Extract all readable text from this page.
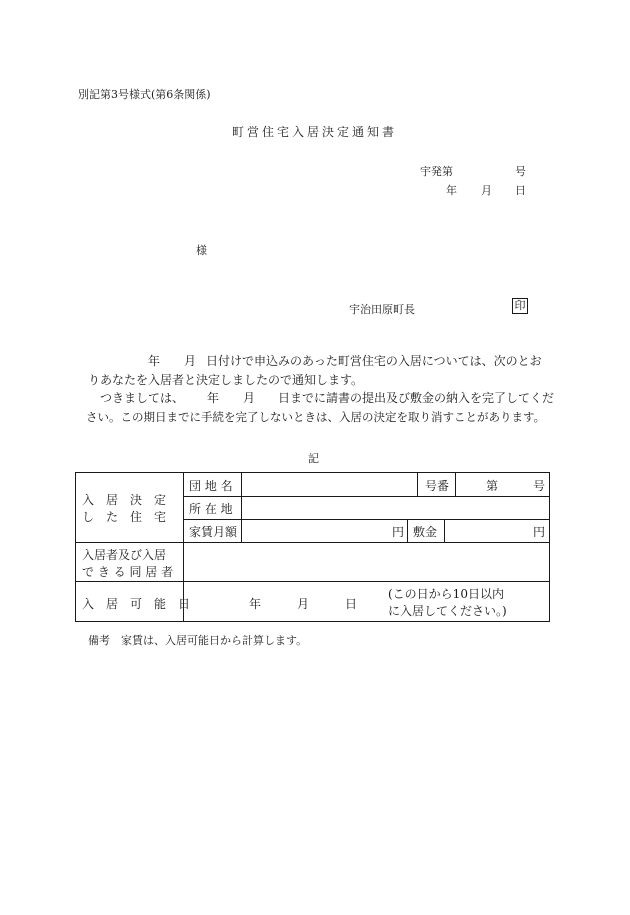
別記第3号様式(第6条関係)
町営住宅入居決定通知書
宇発第	号
年 月 日
様
宇治田原町長	印
年 月 日付けで申込みのあった町営住宅の入居については、次のとお
りあなたを入居者と決定しましたので通知します。
つきましては、 年 月 日までに請書の提出及び敷金の納入を完了してくだ
さい。この期日までに手続を完了しないときは、入居の決定を取り消すことがあります。
記
入　居　決　定
し　た　住　宅
団 地 名	号番	第	号
所 在 地
家賃月額	円 敷金	円
入居者及び入居
で き る 同 居 者
入　居　可　能　日	年	月	日
(この日から10日以内
に入居してください。)
備考　家賃は、入居可能日から計算します。
